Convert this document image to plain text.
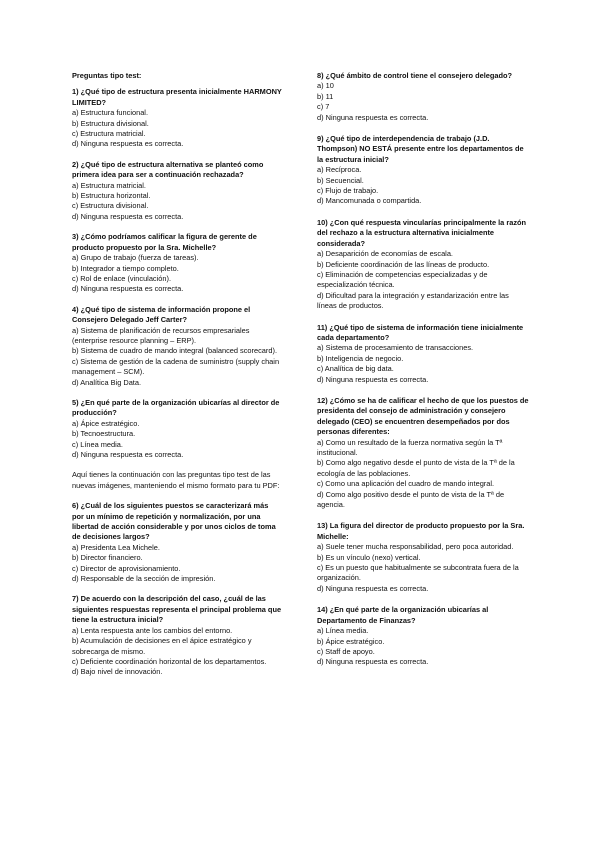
Preguntas tipo test:
1) ¿Qué tipo de estructura presenta inicialmente HARMONY LIMITED?
a) Estructura funcional.
b) Estructura divisional.
c) Estructura matricial.
d) Ninguna respuesta es correcta.
2) ¿Qué tipo de estructura alternativa se planteó como primera idea para ser a continuación rechazada?
a) Estructura matricial.
b) Estructura horizontal.
c) Estructura divisional.
d) Ninguna respuesta es correcta.
3) ¿Cómo podríamos calificar la figura de gerente de producto propuesto por la Sra. Michelle?
a) Grupo de trabajo (fuerza de tareas).
b) Integrador a tiempo completo.
c) Rol de enlace (vinculación).
d) Ninguna respuesta es correcta.
4) ¿Qué tipo de sistema de información propone el Consejero Delegado Jeff Carter?
a) Sistema de planificación de recursos empresariales (enterprise resource planning – ERP).
b) Sistema de cuadro de mando integral (balanced scorecard).
c) Sistema de gestión de la cadena de suministro (supply chain management – SCM).
d) Analítica Big Data.
5) ¿En qué parte de la organización ubicarías al director de producción?
a) Ápice estratégico.
b) Tecnoestructura.
c) Línea media.
d) Ninguna respuesta es correcta.
Aquí tienes la continuación con las preguntas tipo test de las nuevas imágenes, manteniendo el mismo formato para tu PDF:
6) ¿Cuál de los siguientes puestos se caracterizará más por un mínimo de repetición y normalización, por una libertad de acción considerable y por unos ciclos de toma de decisiones largos?
a) Presidenta Lea Michele.
b) Director financiero.
c) Director de aprovisionamiento.
d) Responsable de la sección de impresión.
7) De acuerdo con la descripción del caso, ¿cuál de las siguientes respuestas representa el principal problema que tiene la estructura inicial?
a) Lenta respuesta ante los cambios del entorno.
b) Acumulación de decisiones en el ápice estratégico y sobrecarga de mismo.
c) Deficiente coordinación horizontal de los departamentos.
d) Bajo nivel de innovación.
8) ¿Qué ámbito de control tiene el consejero delegado?
a) 10
b) 11
c) 7
d) Ninguna respuesta es correcta.
9) ¿Qué tipo de interdependencia de trabajo (J.D. Thompson) NO ESTÁ presente entre los departamentos de la estructura inicial?
a) Recíproca.
b) Secuencial.
c) Flujo de trabajo.
d) Mancomunada o compartida.
10) ¿Con qué respuesta vincularías principalmente la razón del rechazo a la estructura alternativa inicialmente considerada?
a) Desaparición de economías de escala.
b) Deficiente coordinación de las líneas de producto.
c) Eliminación de competencias especializadas y de especialización técnica.
d) Dificultad para la integración y estandarización entre las líneas de productos.
11) ¿Qué tipo de sistema de información tiene inicialmente cada departamento?
a) Sistema de procesamiento de transacciones.
b) Inteligencia de negocio.
c) Analítica de big data.
d) Ninguna respuesta es correcta.
12) ¿Cómo se ha de calificar el hecho de que los puestos de presidenta del consejo de administración y consejero delegado (CEO) se encuentren desempeñados por dos personas diferentes:
a) Como un resultado de la fuerza normativa según la Tª institucional.
b) Como algo negativo desde el punto de vista de la Tª de la ecología de las poblaciones.
c) Como una aplicación del cuadro de mando integral.
d) Como algo positivo desde el punto de vista de la Tª de agencia.
13) La figura del director de producto propuesto por la Sra. Michelle:
a) Suele tener mucha responsabilidad, pero poca autoridad.
b) Es un vínculo (nexo) vertical.
c) Es un puesto que habitualmente se subcontrata fuera de la organización.
d) Ninguna respuesta es correcta.
14) ¿En qué parte de la organización ubicarías al Departamento de Finanzas?
a) Línea media.
b) Ápice estratégico.
c) Staff de apoyo.
d) Ninguna respuesta es correcta.
